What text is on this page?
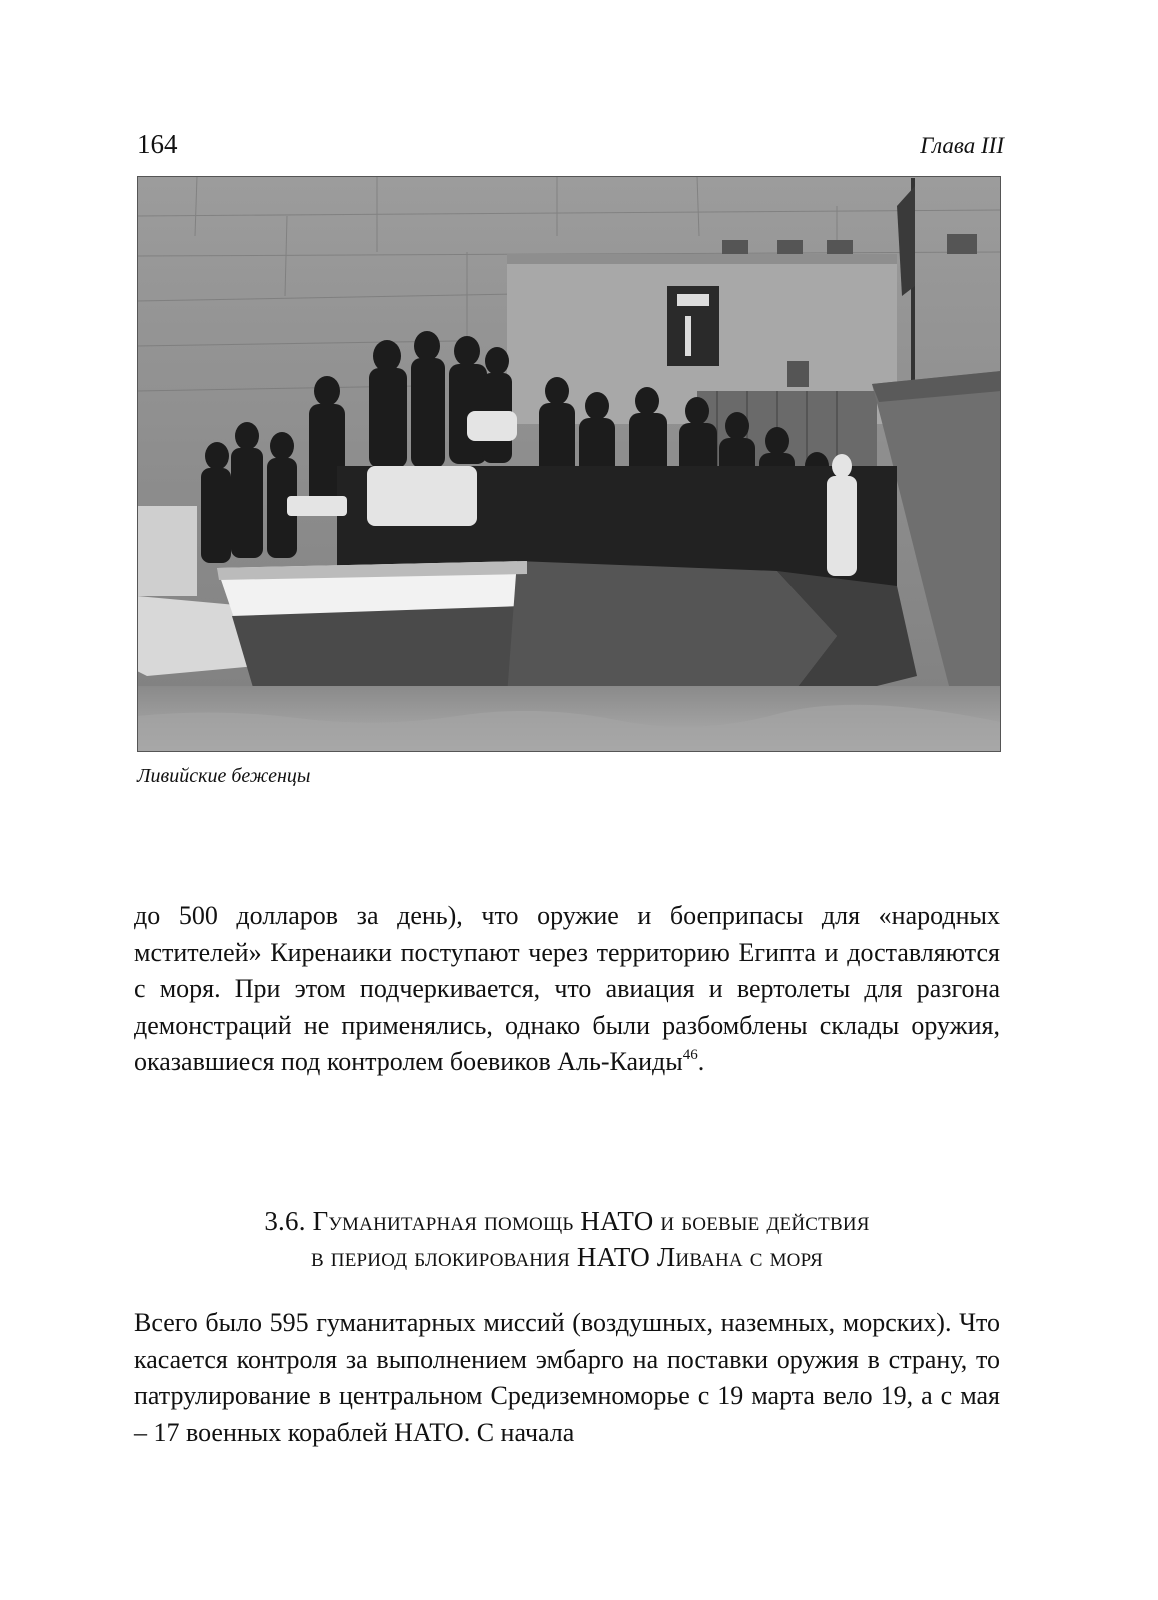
164	Глава III
Ливийские беженцы

до 500 долларов за день), что оружие и боеприпасы для «народных мстителей» Киренаики поступают через территорию Египта и доставляются с моря. При этом подчеркивается, что авиация и вертолеты для разгона демонстраций не применялись, однако были разбомблены склады оружия, оказавшиеся под контролем боевиков Аль-Каиды$^{46}$.

3.6. Гуманитарная помощь НАТО и боевые действия
в период блокирования НАТО Ливана с моря

Всего было 595 гуманитарных миссий (воздушных, наземных, морских). Что касается контроля за выполнением эмбарго на поставки оружия в страну, то патрулирование в центральном Средиземноморье с 19 марта вело 19, а с мая – 17 военных кораблей НАТО. С начала
